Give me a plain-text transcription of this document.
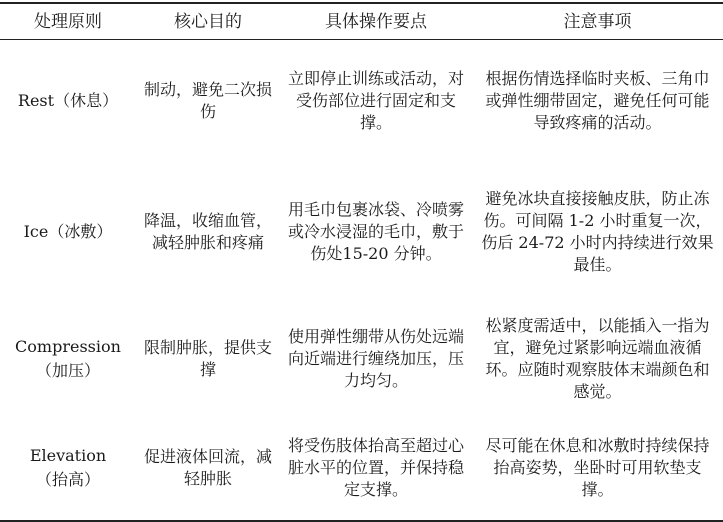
处理原则	核心目的	具体操作要点	注意事项

Rest（休息）	制动，避免二次损伤	立即停止训练或活动，对受伤部位进行固定和支撑。	根据伤情选择临时夹板、三角巾或弹性绷带固定，避免任何可能导致疼痛的活动。

Ice（冰敷）	降温，收缩血管，减轻肿胀和疼痛	用毛巾包裹冰袋、冷喷雾或冷水浸湿的毛巾，敷于伤处15-20 分钟。	避免冰块直接接触皮肤，防止冻伤。可间隔 1-2 小时重复一次，伤后 24-72 小时内持续进行效果最佳。

Compression
（加压）	限制肿胀，提供支撑	使用弹性绷带从伤处远端向近端进行缠绕加压，压力均匀。	松紧度需适中，以能插入一指为宜，避免过紧影响远端血液循环。应随时观察肢体末端颜色和感觉。

Elevation
（抬高）	促进液体回流，减轻肿胀	将受伤肢体抬高至超过心脏水平的位置，并保持稳定支撑。	尽可能在休息和冰敷时持续保持抬高姿势，坐卧时可用软垫支撑。
